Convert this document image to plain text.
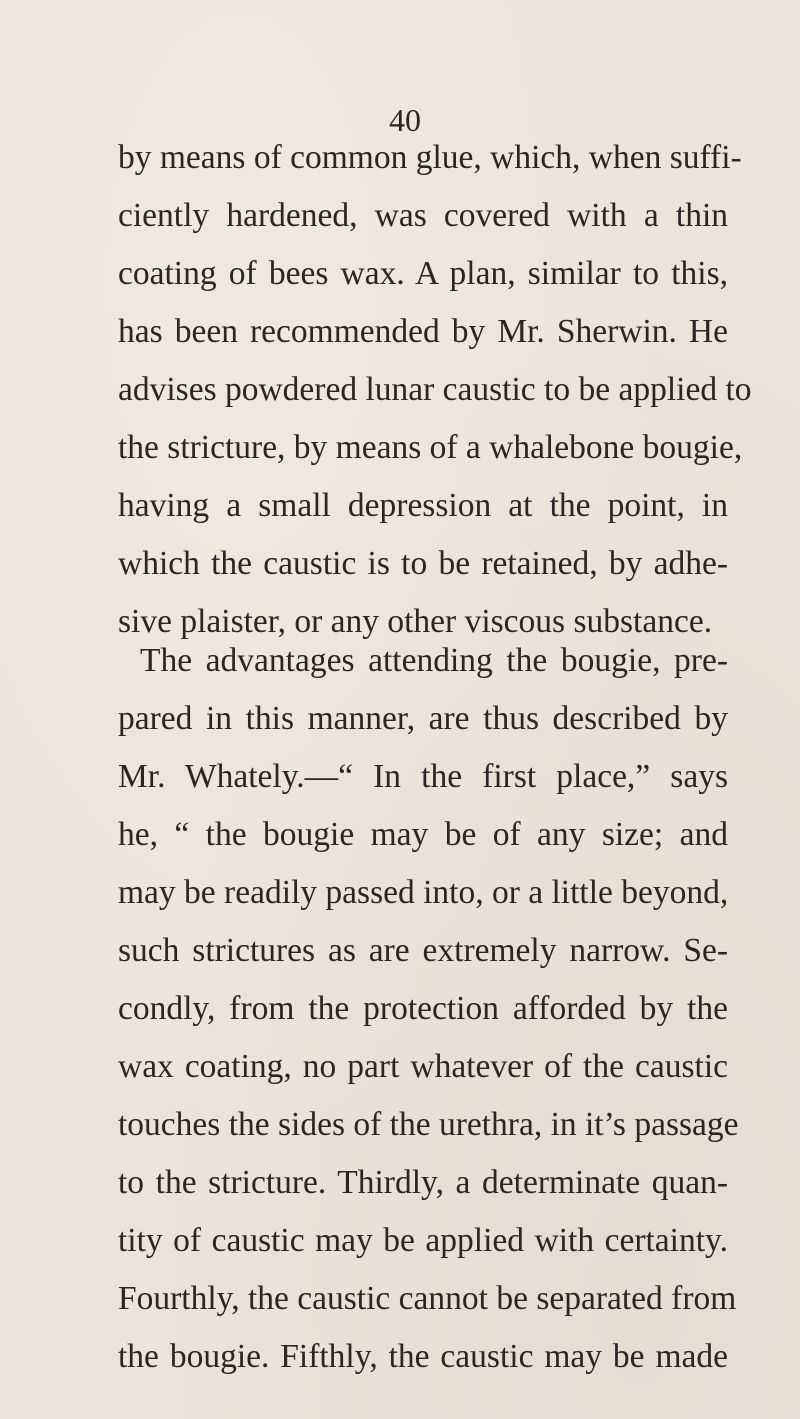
40

by means of common glue, which, when suffi-
ciently hardened, was covered with a thin
coating of bees wax. A plan, similar to this,
has been recommended by Mr. Sherwin. He
advises powdered lunar caustic to be applied to
the stricture, by means of a whalebone bougie,
having a small depression at the point, in
which the caustic is to be retained, by adhe-
sive plaister, or any other viscous substance.
The advantages attending the bougie, pre-
pared in this manner, are thus described by
Mr. Whately.—“ In the first place,” says
he, “ the bougie may be of any size; and
may be readily passed into, or a little beyond,
such strictures as are extremely narrow. Se-
condly, from the protection afforded by the
wax coating, no part whatever of the caustic
touches the sides of the urethra, in it’s passage
to the stricture. Thirdly, a determinate quan-
tity of caustic may be applied with certainty.
Fourthly, the caustic cannot be separated from
the bougie. Fifthly, the caustic may be made
